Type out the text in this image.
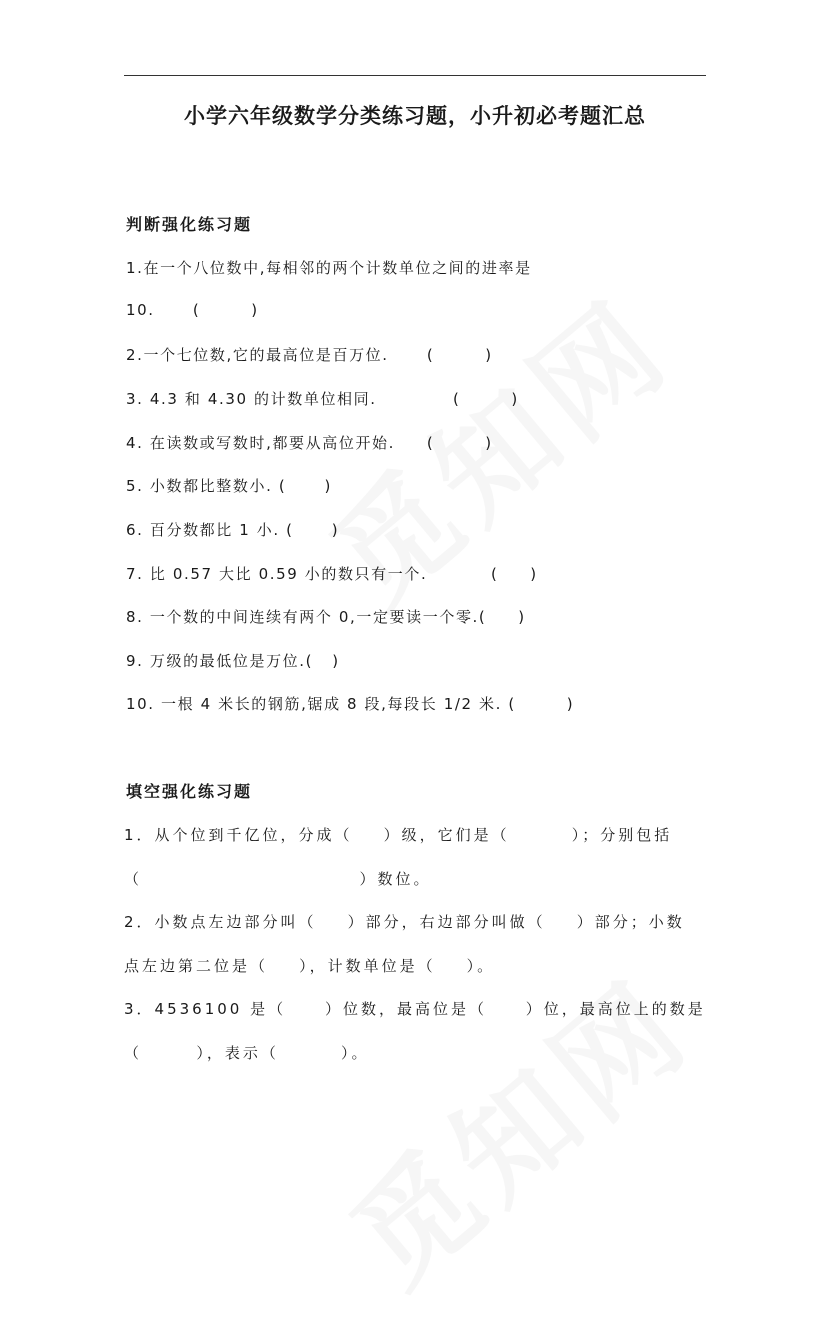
小学六年级数学分类练习题，小升初必考题汇总
判断强化练习题
1.在一个八位数中,每相邻的两个计数单位之间的进率是
10.      (        )
2.一个七位数,它的最高位是百万位.      (        )
3. 4.3 和 4.30 的计数单位相同.            (        )
4. 在读数或写数时,都要从高位开始.     (        )
5. 小数都比整数小. (      )
6. 百分数都比 1 小. (      )
7. 比 0.57 大比 0.59 小的数只有一个.          (     )
8. 一个数的中间连续有两个 0,一定要读一个零.(     )
9. 万级的最低位是万位.(   )
10. 一根 4 米长的钢筋,锯成 8 段,每段长 1/2 米. (        )
填空强化练习题
1．从个位到千亿位，分成（    ）级，它们是（        ）；分别包括
（                            ）数位。
2．小数点左边部分叫（    ）部分，右边部分叫做（    ）部分；小数
点左边第二位是（    ），计数单位是（    ）。
3．4536100 是（     ）位数，最高位是（     ）位，最高位上的数是
（       ），表示（        ）。
